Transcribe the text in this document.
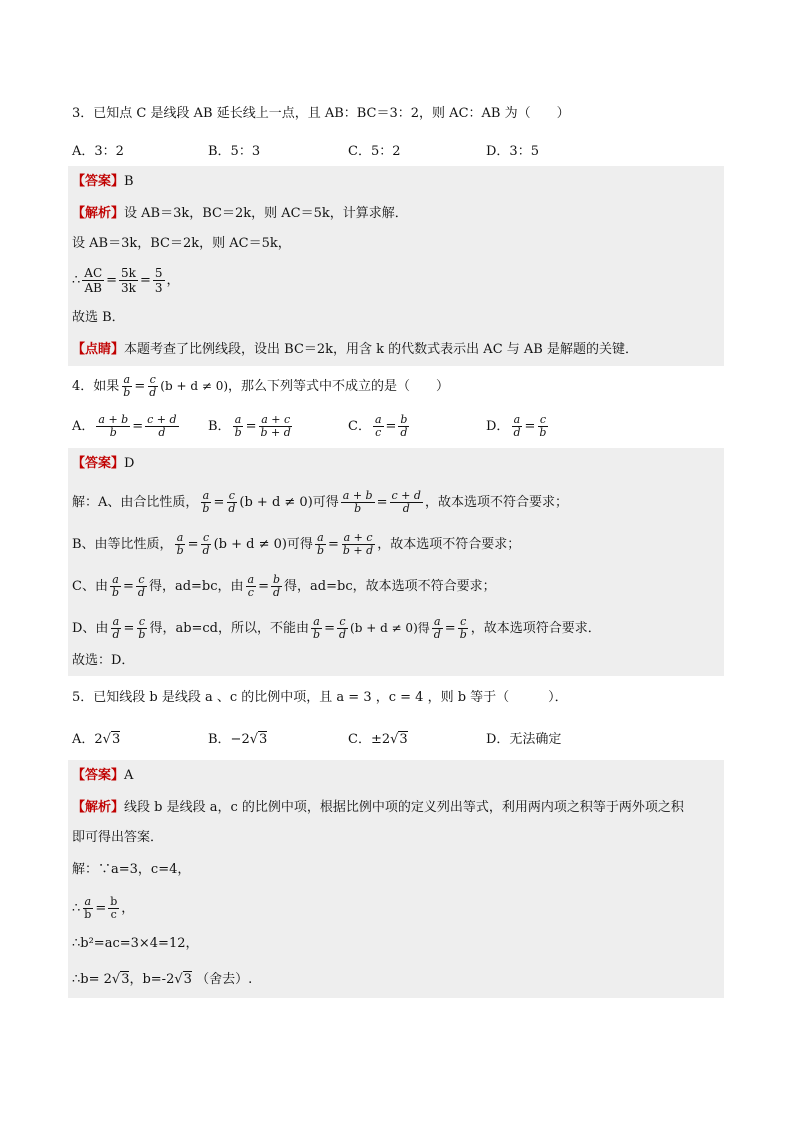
3．已知点 C 是线段 AB 延长线上一点，且 AB：BC＝3：2，则 AC：AB 为（　　）
A．3：2	B．5：3	C．5：2	D．3：5
【答案】B
【解析】设 AB＝3k，BC＝2k，则 AC＝5k，计算求解．
设 AB＝3k，BC＝2k，则 AC＝5k，
∴ $\frac{AC}{AB} = \frac{5k}{3k} = \frac{5}{3}$ ，
故选 B．
【点睛】本题考查了比例线段，设出 BC＝2k，用含 k 的代数式表示出 AC 与 AB 是解题的关键．
4．如果 $\frac{a}{b} = \frac{c}{d} (b + d \ne 0)$，那么下列等式中不成立的是（　　）
A． $\frac{a + b}{b} = \frac{c + d}{d}$ B． $\frac{a}{b} = \frac{a + c}{b + d}$	C． $\frac{a}{c} = \frac{b}{d}$	D． $\frac{a}{d} = \frac{c}{b}$
【答案】D
解：A、由合比性质， $\frac{a}{b} = \frac{c}{d} (b + d \ne 0)$可得 $\frac{a + b}{b} = \frac{c + d}{d}$ ，故本选项不符合要求；
B、由等比性质， $\frac{a}{b} = \frac{c}{d} (b + d \ne 0)$可得 $\frac{a}{b} = \frac{a + c}{b + d}$ ，故本选项不符合要求；
C、由 $\frac{a}{b} = \frac{c}{d}$ 得，ad=bc，由 $\frac{a}{c} = \frac{b}{d}$ 得，ad=bc，故本选项不符合要求；
D、由 $\frac{a}{d} = \frac{c}{b}$ 得，ab=cd，所以，不能由 $\frac{a}{b} = \frac{c}{d} (b + d \ne 0)$得 $\frac{a}{d} = \frac{c}{b}$ ，故本选项符合要求．
故选：D．
5．已知线段 b 是线段 a 、c 的比例中项，且 a = 3 ，c = 4 ，则 b 等于（　　　）．
A．2√3	B．−2√3	C．±2√3	D．无法确定
【答案】A
【解析】线段 b 是线段 a，c 的比例中项，根据比例中项的定义列出等式，利用两内项之积等于两外项之积
即可得出答案．
解：∵a=3，c=4，
∴ $\frac{a}{b} = \frac{b}{c}$ ，
∴b²=ac=3×4=12，
∴b= 2√3，b=-2√3 （舍去）.
